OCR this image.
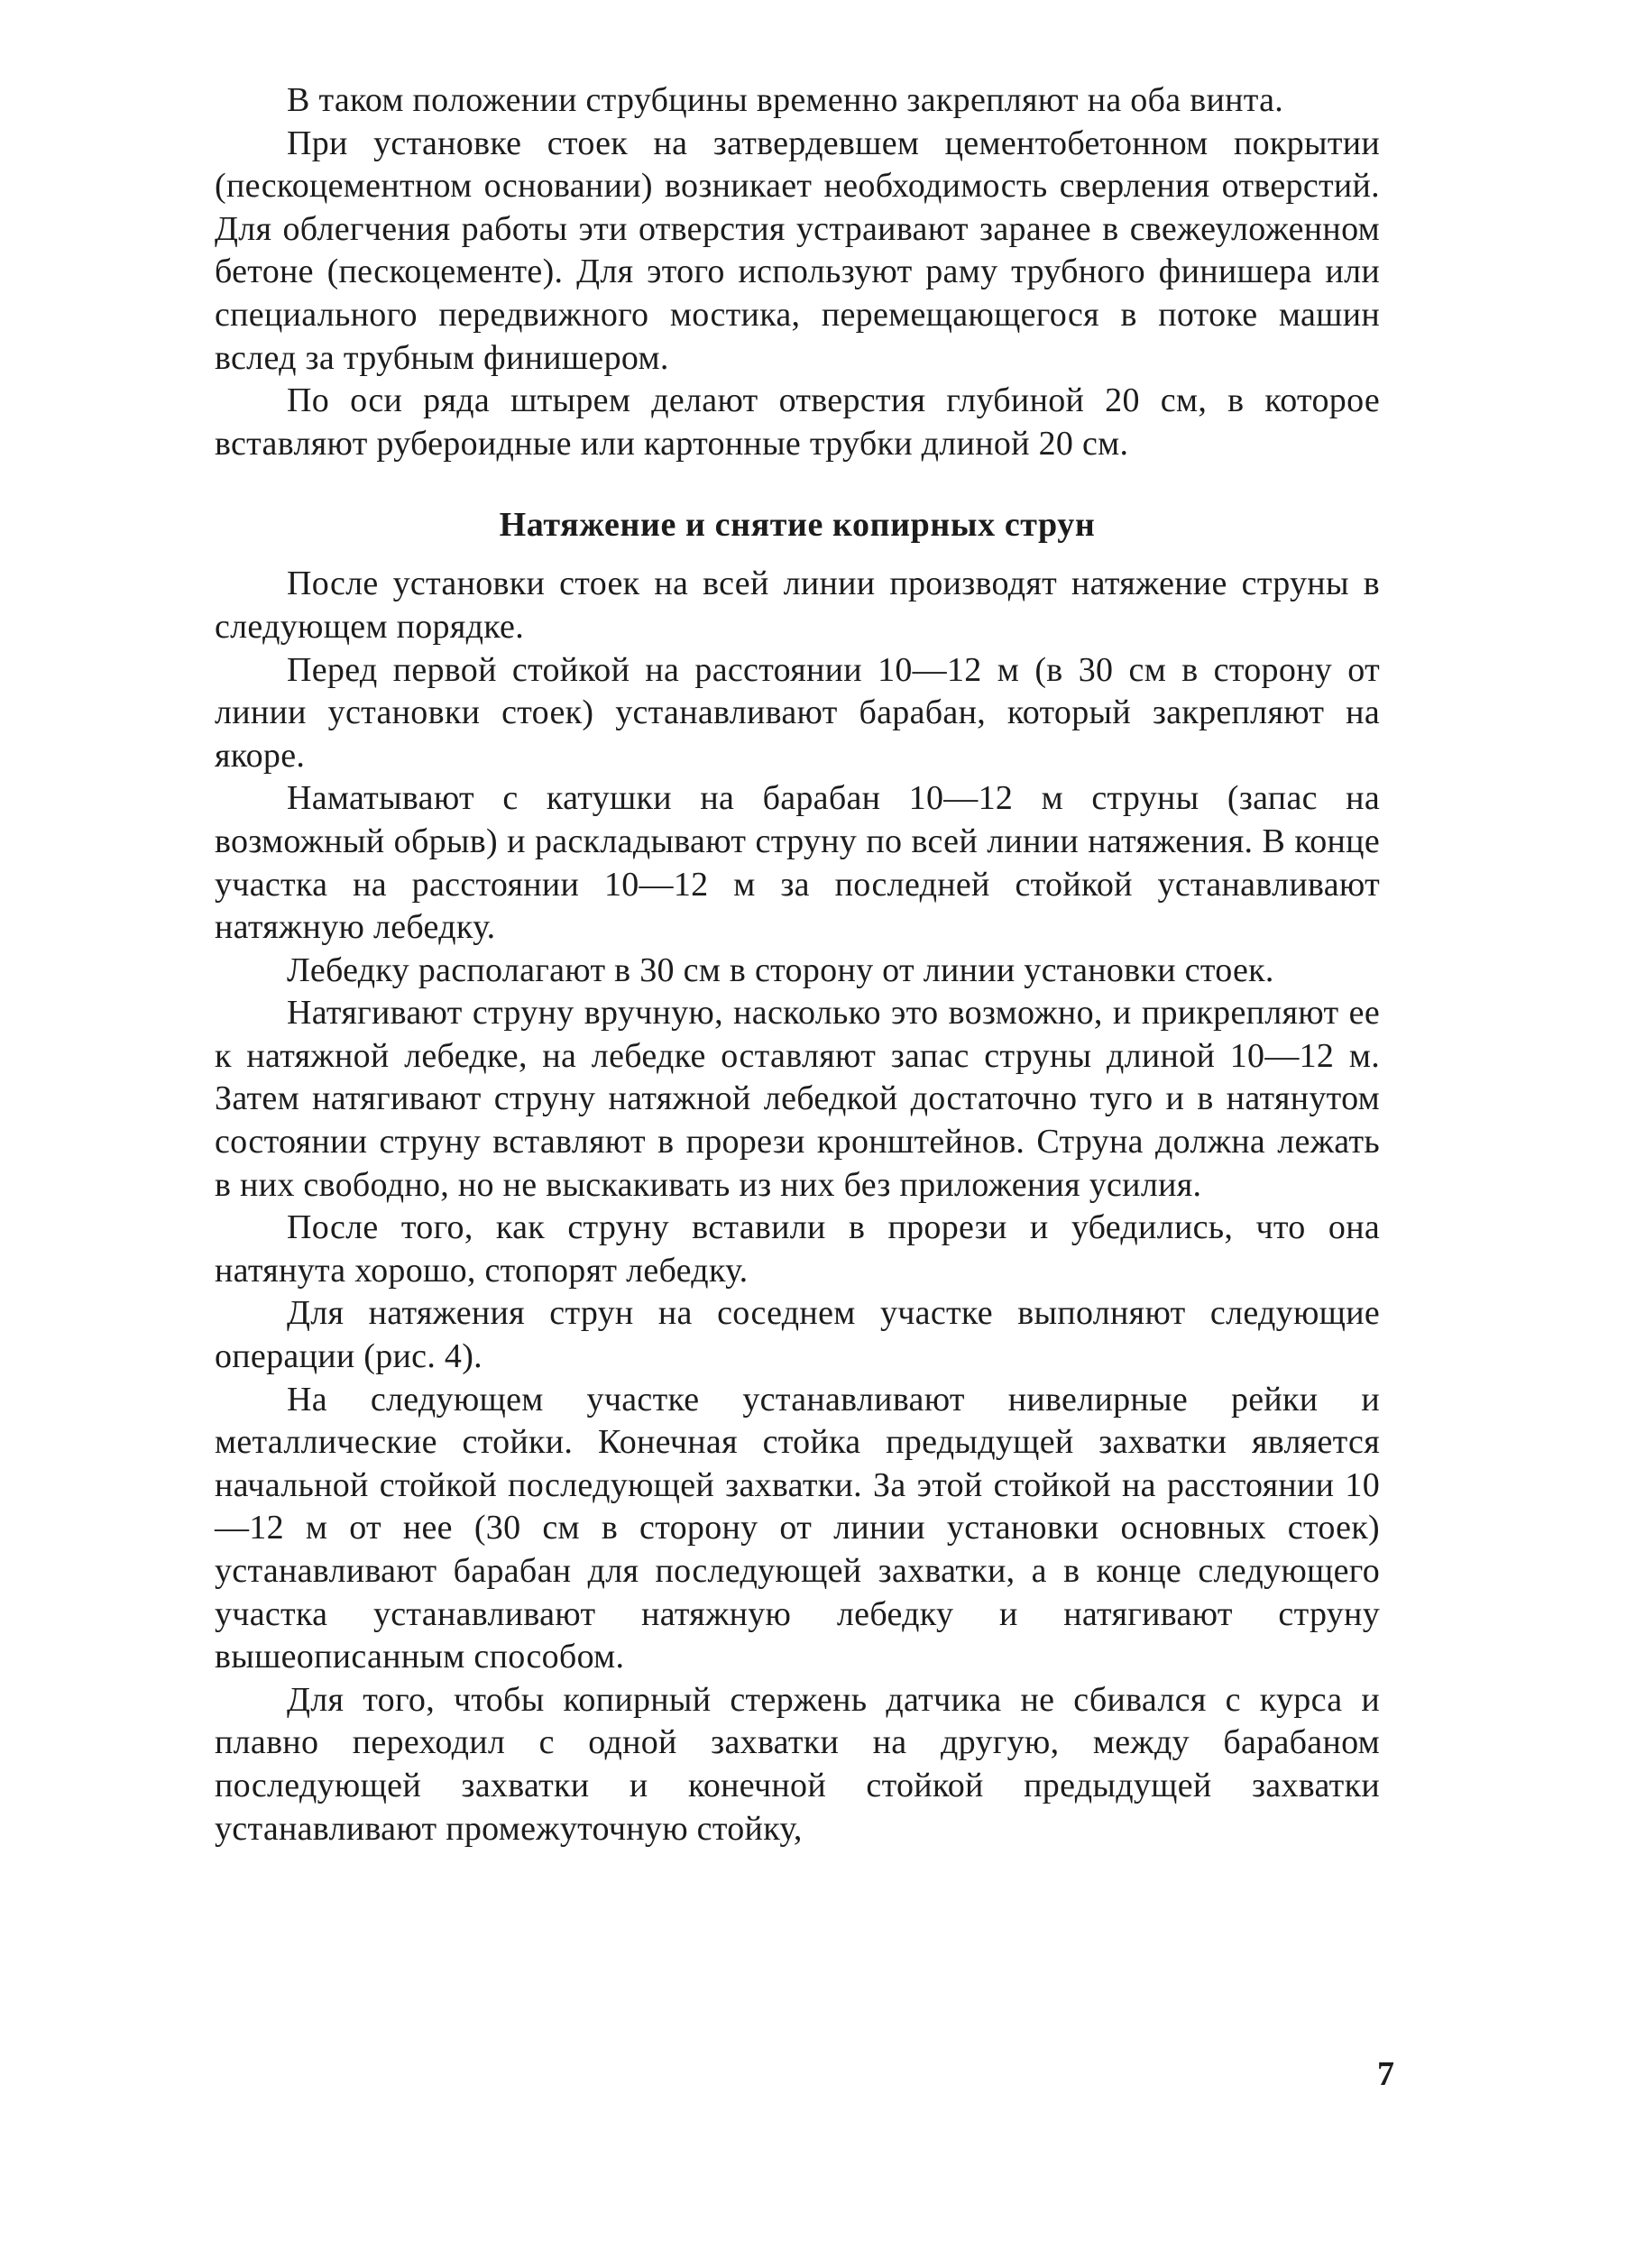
В таком положении струбцины временно закрепляют на оба винта.

При установке стоек на затвердевшем цементобетонном покрытии (пескоцементном основании) возникает необходимость сверления отверстий. Для облегчения работы эти отверстия устраивают заранее в свежеуложенном бетоне (пескоцементе). Для этого используют раму трубного финишера или специального передвижного мостика, перемещающегося в потоке машин вслед за трубным финишером.

По оси ряда штырем делают отверстия глубиной 20 см, в которое вставляют рубероидные или картонные трубки длиной 20 см.

Натяжение и снятие копирных струн

После установки стоек на всей линии производят натяжение струны в следующем порядке.

Перед первой стойкой на расстоянии 10—12 м (в 30 см в сторону от линии установки стоек) устанавливают барабан, который закрепляют на якоре.

Наматывают с катушки на барабан 10—12 м струны (запас на возможный обрыв) и раскладывают струну по всей линии натяжения. В конце участка на расстоянии 10—12 м за последней стойкой устанавливают натяжную лебедку.

Лебедку располагают в 30 см в сторону от линии установки стоек.

Натягивают струну вручную, насколько это возможно, и прикрепляют ее к натяжной лебедке, на лебедке оставляют запас струны длиной 10—12 м. Затем натягивают струну натяжной лебедкой достаточно туго и в натянутом состоянии струну вставляют в прорези кронштейнов. Струна должна лежать в них свободно, но не выскакивать из них без приложения усилия.

После того, как струну вставили в прорези и убедились, что она натянута хорошо, стопорят лебедку.

Для натяжения струн на соседнем участке выполняют следующие операции (рис. 4).

На следующем участке устанавливают нивелирные рейки и металлические стойки. Конечная стойка предыдущей захватки является начальной стойкой последующей захватки. За этой стойкой на расстоянии 10—12 м от нее (30 см в сторону от линии установки основных стоек) устанавливают барабан для последующей захватки, а в конце следующего участка устанавливают натяжную лебедку и натягивают струну вышеописанным способом.

Для того, чтобы копирный стержень датчика не сбивался с курса и плавно переходил с одной захватки на другую, между барабаном последующей захватки и конечной стойкой предыдущей захватки устанавливают промежуточную стойку,

7
